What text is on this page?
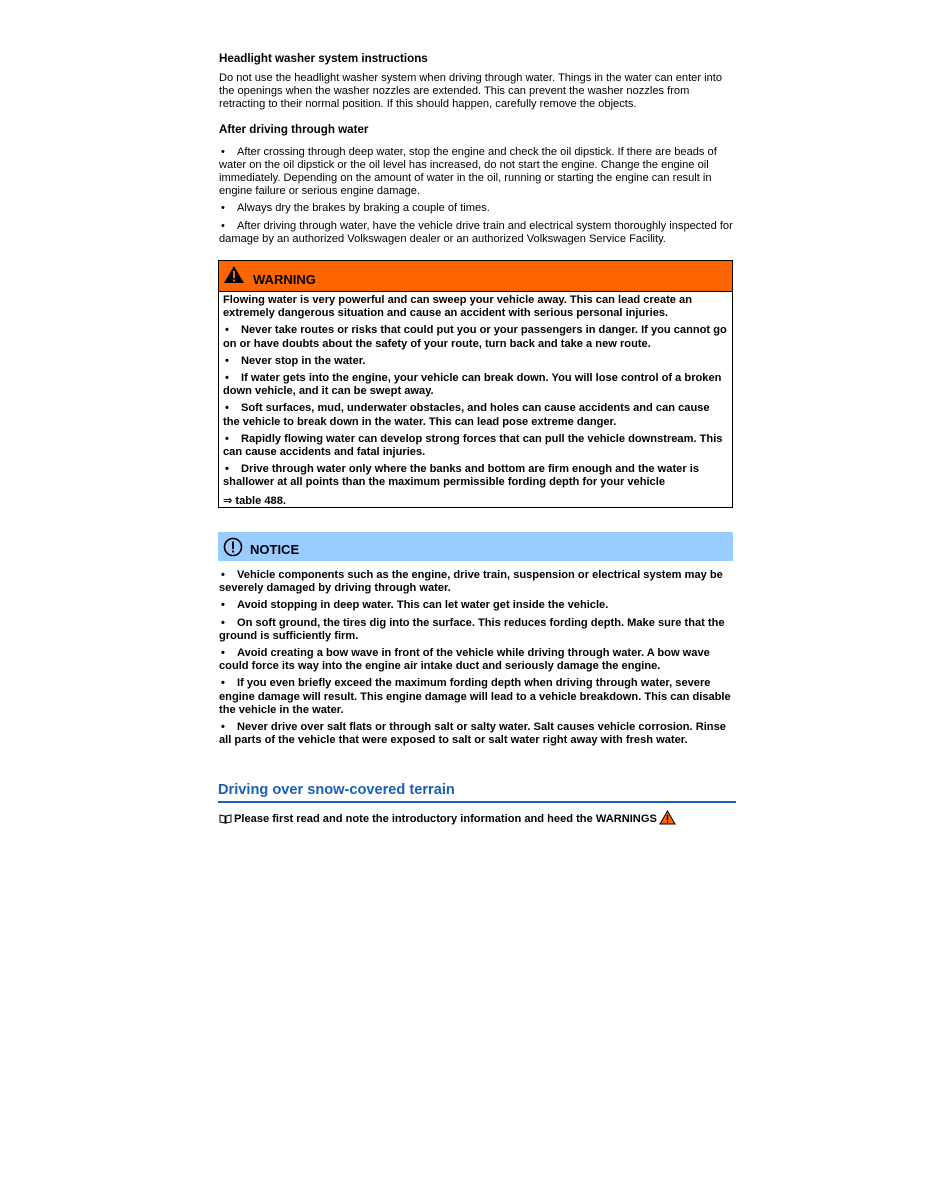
Headlight washer system instructions

Do not use the headlight washer system when driving through water. Things in the water can enter into the openings when the washer nozzles are extended. This can prevent the washer nozzles from retracting to their normal position. If this should happen, carefully remove the objects.

After driving through water

• After crossing through deep water, stop the engine and check the oil dipstick. If there are beads of water on the oil dipstick or the oil level has increased, do not start the engine. Change the engine oil immediately. Depending on the amount of water in the oil, running or starting the engine can result in engine failure or serious engine damage.

• Always dry the brakes by braking a couple of times.

• After driving through water, have the vehicle drive train and electrical system thoroughly inspected for damage by an authorized Volkswagen dealer or an authorized Volkswagen Service Facility.

WARNING

Flowing water is very powerful and can sweep your vehicle away. This can lead create an extremely dangerous situation and cause an accident with serious personal injuries.

• Never take routes or risks that could put you or your passengers in danger. If you cannot go on or have doubts about the safety of your route, turn back and take a new route.

• Never stop in the water.

• If water gets into the engine, your vehicle can break down. You will lose control of a broken down vehicle, and it can be swept away.

• Soft surfaces, mud, underwater obstacles, and holes can cause accidents and can cause the vehicle to break down in the water. This can lead pose extreme danger.

• Rapidly flowing water can develop strong forces that can pull the vehicle downstream. This can cause accidents and fatal injuries.

• Drive through water only where the banks and bottom are firm enough and the water is shallower at all points than the maximum permissible fording depth for your vehicle

⇒ table 488.

NOTICE

• Vehicle components such as the engine, drive train, suspension or electrical system may be severely damaged by driving through water.

• Avoid stopping in deep water. This can let water get inside the vehicle.

• On soft ground, the tires dig into the surface. This reduces fording depth. Make sure that the ground is sufficiently firm.

• Avoid creating a bow wave in front of the vehicle while driving through water. A bow wave could force its way into the engine air intake duct and seriously damage the engine.

• If you even briefly exceed the maximum fording depth when driving through water, severe engine damage will result. This engine damage will lead to a vehicle breakdown. This can disable the vehicle in the water.

• Never drive over salt flats or through salt or salty water. Salt causes vehicle corrosion. Rinse all parts of the vehicle that were exposed to salt or salt water right away with fresh water.

Driving over snow-covered terrain
Please first read and note the introductory information and heed the WARNINGS
